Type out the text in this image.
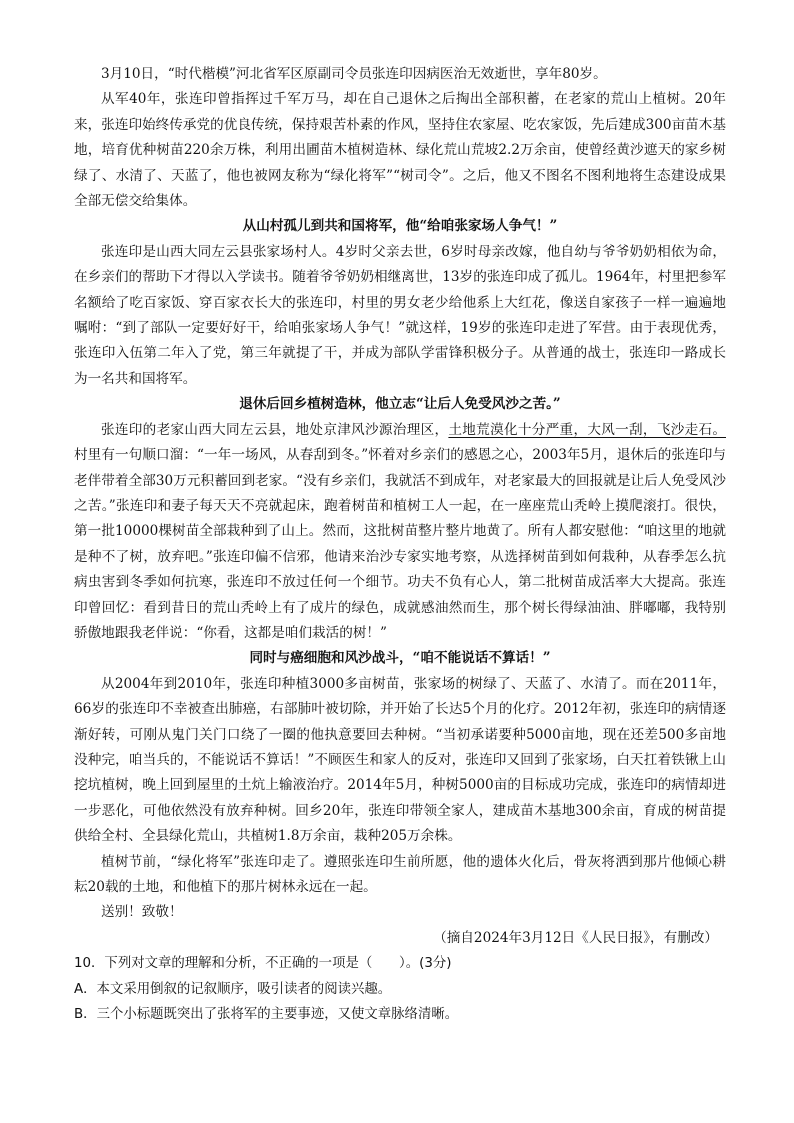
3月10日，“时代楷模”河北省军区原副司令员张连印因病医治无效逝世，享年80岁。

从军40年，张连印曾指挥过千军万马，却在自己退休之后掏出全部积蓄，在老家的荒山上植树。20年来，张连印始终传承党的优良传统，保持艰苦朴素的作风，坚持住农家屋、吃农家饭，先后建成300亩苗木基地，培育优种树苗220余万株，利用出圃苗木植树造林、绿化荒山荒坡2.2万余亩，使曾经黄沙遮天的家乡树绿了、水清了、天蓝了，他也被网友称为“绿化将军”“树司令”。之后，他又不图名不图利地将生态建设成果全部无偿交给集体。

从山村孤儿到共和国将军，他“给咱张家场人争气！”

张连印是山西大同左云县张家场村人。4岁时父亲去世，6岁时母亲改嫁，他自幼与爷爷奶奶相依为命，在乡亲们的帮助下才得以入学读书。随着爷爷奶奶相继离世，13岁的张连印成了孤儿。1964年，村里把参军名额给了吃百家饭、穿百家衣长大的张连印，村里的男女老少给他系上大红花，像送自家孩子一样一遍遍地嘱咐：“到了部队一定要好好干，给咱张家场人争气！”就这样，19岁的张连印走进了军营。由于表现优秀，张连印入伍第二年入了党，第三年就提了干，并成为部队学雷锋积极分子。从普通的战士，张连印一路成长为一名共和国将军。

退休后回乡植树造林，他立志“让后人免受风沙之苦。”

张连印的老家山西大同左云县，地处京津风沙源治理区，土地荒漠化十分严重，大风一刮，飞沙走石。村里有一句顺口溜：“一年一场风，从春刮到冬。”怀着对乡亲们的感恩之心，2003年5月，退休后的张连印与老伴带着全部30万元积蓄回到老家。“没有乡亲们，我就活不到成年，对老家最大的回报就是让后人免受风沙之苦。”张连印和妻子每天天不亮就起床，跑着树苗和植树工人一起，在一座座荒山秃岭上摸爬滚打。很快，第一批10000棵树苗全部栽种到了山上。然而，这批树苗整片整片地黄了。所有人都安慰他：“咱这里的地就是种不了树，放弃吧。”张连印偏不信邪，他请来治沙专家实地考察，从选择树苗到如何栽种，从春季怎么抗病虫害到冬季如何抗寒，张连印不放过任何一个细节。功夫不负有心人，第二批树苗成活率大大提高。张连印曾回忆：看到昔日的荒山秃岭上有了成片的绿色，成就感油然而生，那个树长得绿油油、胖嘟嘟，我特别骄傲地跟我老伴说：“你看，这都是咱们栽活的树！”

同时与癌细胞和风沙战斗，“咱不能说话不算话！”

从2004年到2010年，张连印种植3000多亩树苗，张家场的树绿了、天蓝了、水清了。而在2011年，66岁的张连印不幸被查出肺癌，右部肺叶被切除，并开始了长达5个月的化疗。2012年初，张连印的病情逐渐好转，可刚从鬼门关门口绕了一圈的他执意要回去种树。“当初承诺要种5000亩地，现在还差500多亩地没种完，咱当兵的，不能说话不算话！”不顾医生和家人的反对，张连印又回到了张家场，白天扛着铁锹上山挖坑植树，晚上回到屋里的土炕上输液治疗。2014年5月，种树5000亩的目标成功完成，张连印的病情却进一步恶化，可他依然没有放弃种树。回乡20年，张连印带领全家人，建成苗木基地300余亩，育成的树苗提供给全村、全县绿化荒山，共植树1.8万余亩，栽种205万余株。

植树节前，“绿化将军”张连印走了。遵照张连印生前所愿，他的遗体火化后，骨灰将洒到那片他倾心耕耘20载的土地，和他植下的那片树林永远在一起。

送别！致敬！

（摘自2024年3月12日《人民日报》，有删改）

10．下列对文章的理解和分析，不正确的一项是（　　）。(3分)

A．本文采用倒叙的记叙顺序，吸引读者的阅读兴趣。

B．三个小标题既突出了张将军的主要事迹，又使文章脉络清晰。
